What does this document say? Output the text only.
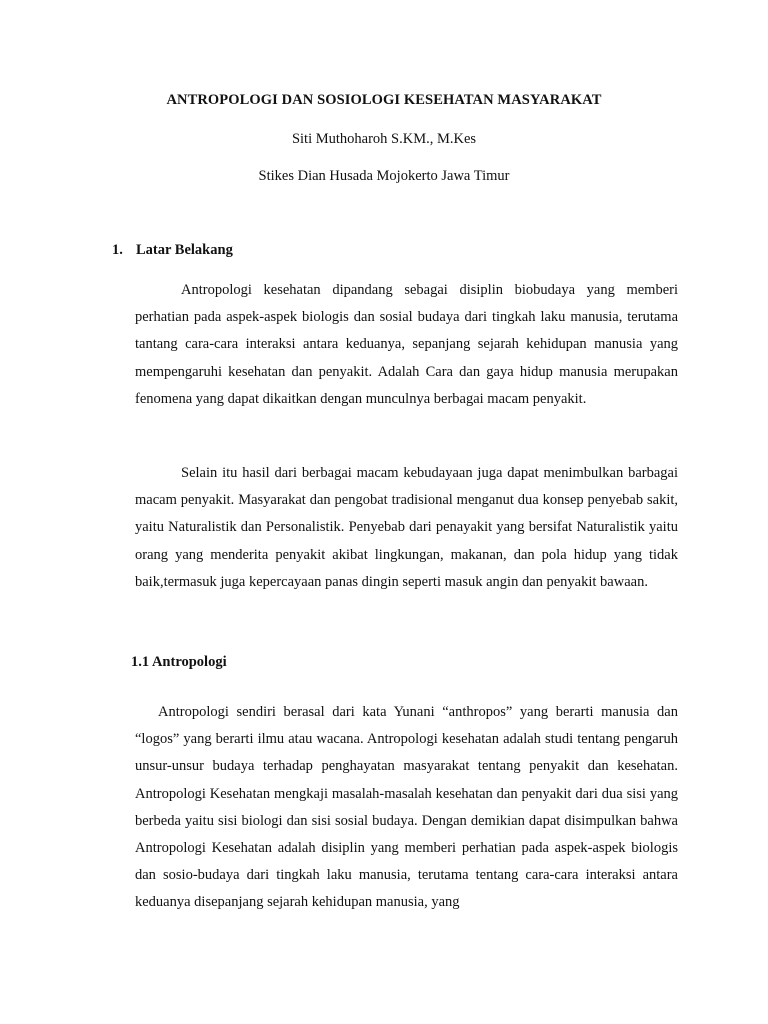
ANTROPOLOGI DAN SOSIOLOGI KESEHATAN MASYARAKAT

Siti Muthoharoh S.KM., M.Kes

Stikes Dian Husada Mojokerto Jawa Timur

1. Latar Belakang

Antropologi kesehatan dipandang sebagai disiplin biobudaya yang memberi perhatian pada aspek-aspek biologis dan sosial budaya dari tingkah laku manusia, terutama tantang cara-cara interaksi antara keduanya, sepanjang sejarah kehidupan manusia yang mempengaruhi kesehatan dan penyakit. Adalah Cara dan gaya hidup manusia merupakan fenomena yang dapat dikaitkan dengan munculnya berbagai macam penyakit.

Selain itu hasil dari berbagai macam kebudayaan juga dapat menimbulkan barbagai macam penyakit. Masyarakat dan pengobat tradisional menganut dua konsep penyebab sakit, yaitu Naturalistik dan Personalistik. Penyebab dari penayakit yang bersifat Naturalistik yaitu orang yang menderita penyakit akibat lingkungan, makanan, dan pola hidup yang tidak baik,termasuk juga kepercayaan panas dingin seperti masuk angin dan penyakit bawaan.

1.1 Antropologi

Antropologi sendiri berasal dari kata Yunani “anthropos” yang berarti manusia dan “logos” yang berarti ilmu atau wacana. Antropologi kesehatan adalah studi tentang pengaruh unsur-unsur budaya terhadap penghayatan masyarakat tentang penyakit dan kesehatan. Antropologi Kesehatan mengkaji masalah-masalah kesehatan dan penyakit dari dua sisi yang berbeda yaitu sisi biologi dan sisi sosial budaya. Dengan demikian dapat disimpulkan bahwa Antropologi Kesehatan adalah disiplin yang memberi perhatian pada aspek-aspek biologis dan sosio-budaya dari tingkah laku manusia, terutama tentang cara-cara interaksi antara keduanya disepanjang sejarah kehidupan manusia, yang
